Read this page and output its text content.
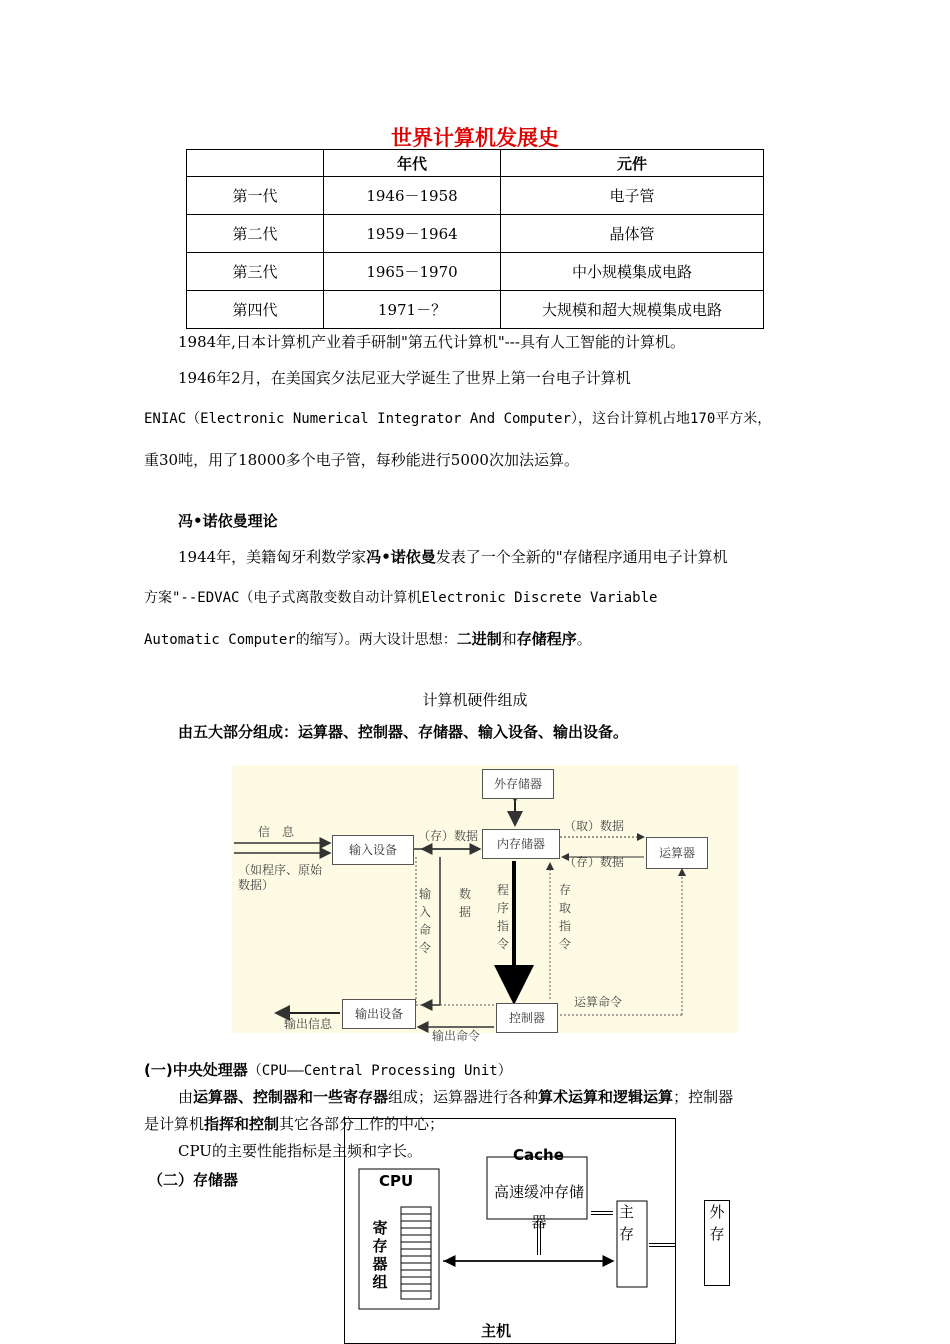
世界计算机发展史
	年代	元件
第一代	1946－1958	电子管
第二代	1959－1964	晶体管
第三代	1965－1970	中小规模集成电路
第四代	1971－？	大规模和超大规模集成电路
1984年,日本计算机产业着手研制"第五代计算机"---具有人工智能的计算机。
1946年2月，在美国宾夕法尼亚大学诞生了世界上第一台电子计算机
ENIAC（Electronic Numerical Integrator And Computer），这台计算机占地170平方米，
重30吨，用了18000多个电子管，每秒能进行5000次加法运算。
冯•诺依曼理论
1944年，美籍匈牙利数学家冯•诺依曼发表了一个全新的"存储程序通用电子计算机
方案"--EDVAC（电子式离散变数自动计算机Electronic Discrete Variable
Automatic Computer的缩写）。两大设计思想：二进制和存储程序。
计算机硬件组成
由五大部分组成：运算器、控制器、存储器、输入设备、输出设备。
外存储器
输入设备	内存储器
运算器
输出设备	控制器
信　息
（如程序、原始数据）
（存）数据
（取）数据
（存）数据
输入命令
数据
程序指令
存取指令
运算命令
输出信息
输出命令
(一)中央处理器（CPU——Central Processing Unit）
由运算器、控制器和一些寄存器组成；运算器进行各种算术运算和逻辑运算；控制器
是计算机指挥和控制其它各部分工作的中心；
CPU的主要性能指标是主频和字长。
（二）存储器
Cache
高速缓冲存储器
CPU
寄存器组
主存
主机
外存
